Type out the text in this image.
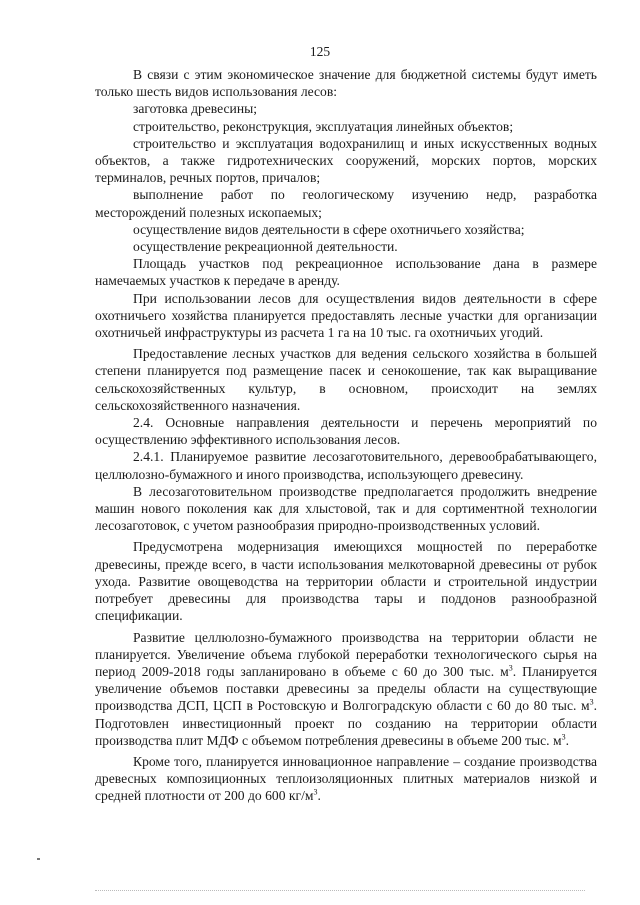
125

В связи с этим экономическое значение для бюджетной системы будут иметь только шесть видов использования лесов:

заготовка древесины;

строительство, реконструкция, эксплуатация линейных объектов;

строительство и эксплуатация водохранилищ и иных искусственных водных объектов, а также гидротехнических сооружений, морских портов, морских терминалов, речных портов, причалов;

выполнение работ по геологическому изучению недр, разработка месторождений полезных ископаемых;

осуществление видов деятельности в сфере охотничьего хозяйства;

осуществление рекреационной деятельности.

Площадь участков под рекреационное использование дана в размере намечаемых участков к передаче в аренду.

При использовании лесов для осуществления видов деятельности в сфере охотничьего хозяйства планируется предоставлять лесные участки для организации охотничьей инфраструктуры из расчета 1 га на 10 тыс. га охотничьих угодий.

Предоставление лесных участков для ведения сельского хозяйства в большей степени планируется под размещение пасек и сенокошение, так как выращивание сельскохозяйственных культур, в основном, происходит на землях сельскохозяйственного назначения.

2.4. Основные направления деятельности и перечень мероприятий по осуществлению эффективного использования лесов.

2.4.1. Планируемое развитие лесозаготовительного, деревообрабатывающего, целлюлозно-бумажного и иного производства, использующего древесину.

В лесозаготовительном производстве предполагается продолжить внедрение машин нового поколения как для хлыстовой, так и для сортиментной технологии лесозаготовок, с учетом разнообразия природно-производственных условий.

Предусмотрена модернизация имеющихся мощностей по переработке древесины, прежде всего, в части использования мелкотоварной древесины от рубок ухода. Развитие овощеводства на территории области и строительной индустрии потребует древесины для производства тары и поддонов разнообразной спецификации.

Развитие целлюлозно-бумажного производства на территории области не планируется. Увеличение объема глубокой переработки технологического сырья на период 2009-2018 годы запланировано в объеме с 60 до 300 тыс. $м^3$. Планируется увеличение объемов поставки древесины за пределы области на существующие производства ДСП, ЦСП в Ростовскую и Волгоградскую области с 60 до 80 тыс. $м^3$. Подготовлен инвестиционный проект по созданию на территории области производства плит МДФ с объемом потребления древесины в объеме 200 тыс. $м^3$.

Кроме того, планируется инновационное направление – создание производства древесных композиционных теплоизоляционных плитных материалов низкой и средней плотности от 200 до 600 $кг/м^3$.
